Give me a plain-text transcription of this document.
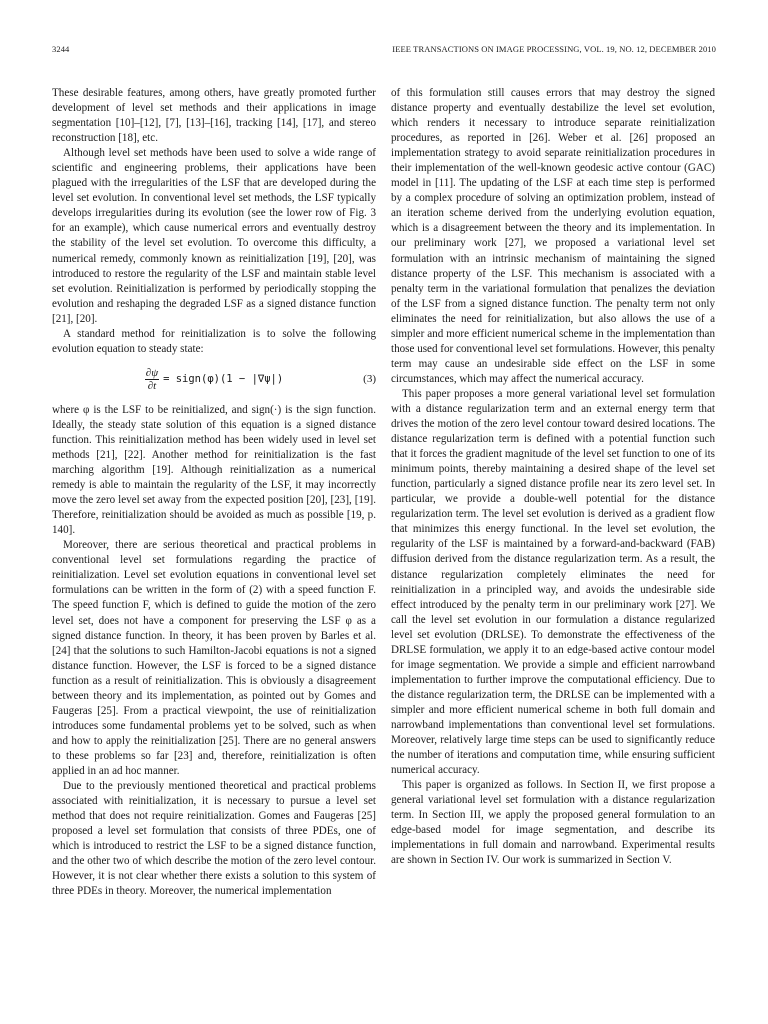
3244	IEEE TRANSACTIONS ON IMAGE PROCESSING, VOL. 19, NO. 12, DECEMBER 2010

These desirable features, among others, have greatly promoted further development of level set methods and their applications in image segmentation [10]–[12], [7], [13]–[16], tracking [14], [17], and stereo reconstruction [18], etc.

Although level set methods have been used to solve a wide range of scientific and engineering problems, their applications have been plagued with the irregularities of the LSF that are developed during the level set evolution. In conventional level set methods, the LSF typically develops irregularities during its evolution (see the lower row of Fig. 3 for an example), which cause numerical errors and eventually destroy the stability of the level set evolution. To overcome this difficulty, a numerical remedy, commonly known as reinitialization [19], [20], was introduced to restore the regularity of the LSF and maintain stable level set evolution. Reinitialization is performed by periodically stopping the evolution and reshaping the degraded LSF as a signed distance function [21], [20].

A standard method for reinitialization is to solve the following evolution equation to steady state:

$\frac{\partial\psi}{\partial t}$ = sign(φ)(1 − |∇ψ|)	(3)

where φ is the LSF to be reinitialized, and sign(·) is the sign function. Ideally, the steady state solution of this equation is a signed distance function. This reinitialization method has been widely used in level set methods [21], [22]. Another method for reinitialization is the fast marching algorithm [19]. Although reinitialization as a numerical remedy is able to maintain the regularity of the LSF, it may incorrectly move the zero level set away from the expected position [20], [23], [19]. Therefore, reinitialization should be avoided as much as possible [19, p. 140].

Moreover, there are serious theoretical and practical problems in conventional level set formulations regarding the practice of reinitialization. Level set evolution equations in conventional level set formulations can be written in the form of (2) with a speed function F. The speed function F, which is defined to guide the motion of the zero level set, does not have a component for preserving the LSF φ as a signed distance function. In theory, it has been proven by Barles et al. [24] that the solutions to such Hamilton-Jacobi equations is not a signed distance function. However, the LSF is forced to be a signed distance function as a result of reinitialization. This is obviously a disagreement between theory and its implementation, as pointed out by Gomes and Faugeras [25]. From a practical viewpoint, the use of reinitialization introduces some fundamental problems yet to be solved, such as when and how to apply the reinitialization [25]. There are no general answers to these problems so far [23] and, therefore, reinitialization is often applied in an ad hoc manner.

Due to the previously mentioned theoretical and practical problems associated with reinitialization, it is necessary to pursue a level set method that does not require reinitialization. Gomes and Faugeras [25] proposed a level set formulation that consists of three PDEs, one of which is introduced to restrict the LSF to be a signed distance function, and the other two of which describe the motion of the zero level contour. However, it is not clear whether there exists a solution to this system of three PDEs in theory. Moreover, the numerical implementation

of this formulation still causes errors that may destroy the signed distance property and eventually destabilize the level set evolution, which renders it necessary to introduce separate reinitialization procedures, as reported in [26]. Weber et al. [26] proposed an implementation strategy to avoid separate reinitialization procedures in their implementation of the well-known geodesic active contour (GAC) model in [11]. The updating of the LSF at each time step is performed by a complex procedure of solving an optimization problem, instead of an iteration scheme derived from the underlying evolution equation, which is a disagreement between the theory and its implementation. In our preliminary work [27], we proposed a variational level set formulation with an intrinsic mechanism of maintaining the signed distance property of the LSF. This mechanism is associated with a penalty term in the variational formulation that penalizes the deviation of the LSF from a signed distance function. The penalty term not only eliminates the need for reinitialization, but also allows the use of a simpler and more efficient numerical scheme in the implementation than those used for conventional level set formulations. However, this penalty term may cause an undesirable side effect on the LSF in some circumstances, which may affect the numerical accuracy.

This paper proposes a more general variational level set formulation with a distance regularization term and an external energy term that drives the motion of the zero level contour toward desired locations. The distance regularization term is defined with a potential function such that it forces the gradient magnitude of the level set function to one of its minimum points, thereby maintaining a desired shape of the level set function, particularly a signed distance profile near its zero level set. In particular, we provide a double-well potential for the distance regularization term. The level set evolution is derived as a gradient flow that minimizes this energy functional. In the level set evolution, the regularity of the LSF is maintained by a forward-and-backward (FAB) diffusion derived from the distance regularization term. As a result, the distance regularization completely eliminates the need for reinitialization in a principled way, and avoids the undesirable side effect introduced by the penalty term in our preliminary work [27]. We call the level set evolution in our formulation a distance regularized level set evolution (DRLSE). To demonstrate the effectiveness of the DRLSE formulation, we apply it to an edge-based active contour model for image segmentation. We provide a simple and efficient narrowband implementation to further improve the computational efficiency. Due to the distance regularization term, the DRLSE can be implemented with a simpler and more efficient numerical scheme in both full domain and narrowband implementations than conventional level set formulations. Moreover, relatively large time steps can be used to significantly reduce the number of iterations and computation time, while ensuring sufficient numerical accuracy.

This paper is organized as follows. In Section II, we first propose a general variational level set formulation with a distance regularization term. In Section III, we apply the proposed general formulation to an edge-based model for image segmentation, and describe its implementations in full domain and narrowband. Experimental results are shown in Section IV. Our work is summarized in Section V.
